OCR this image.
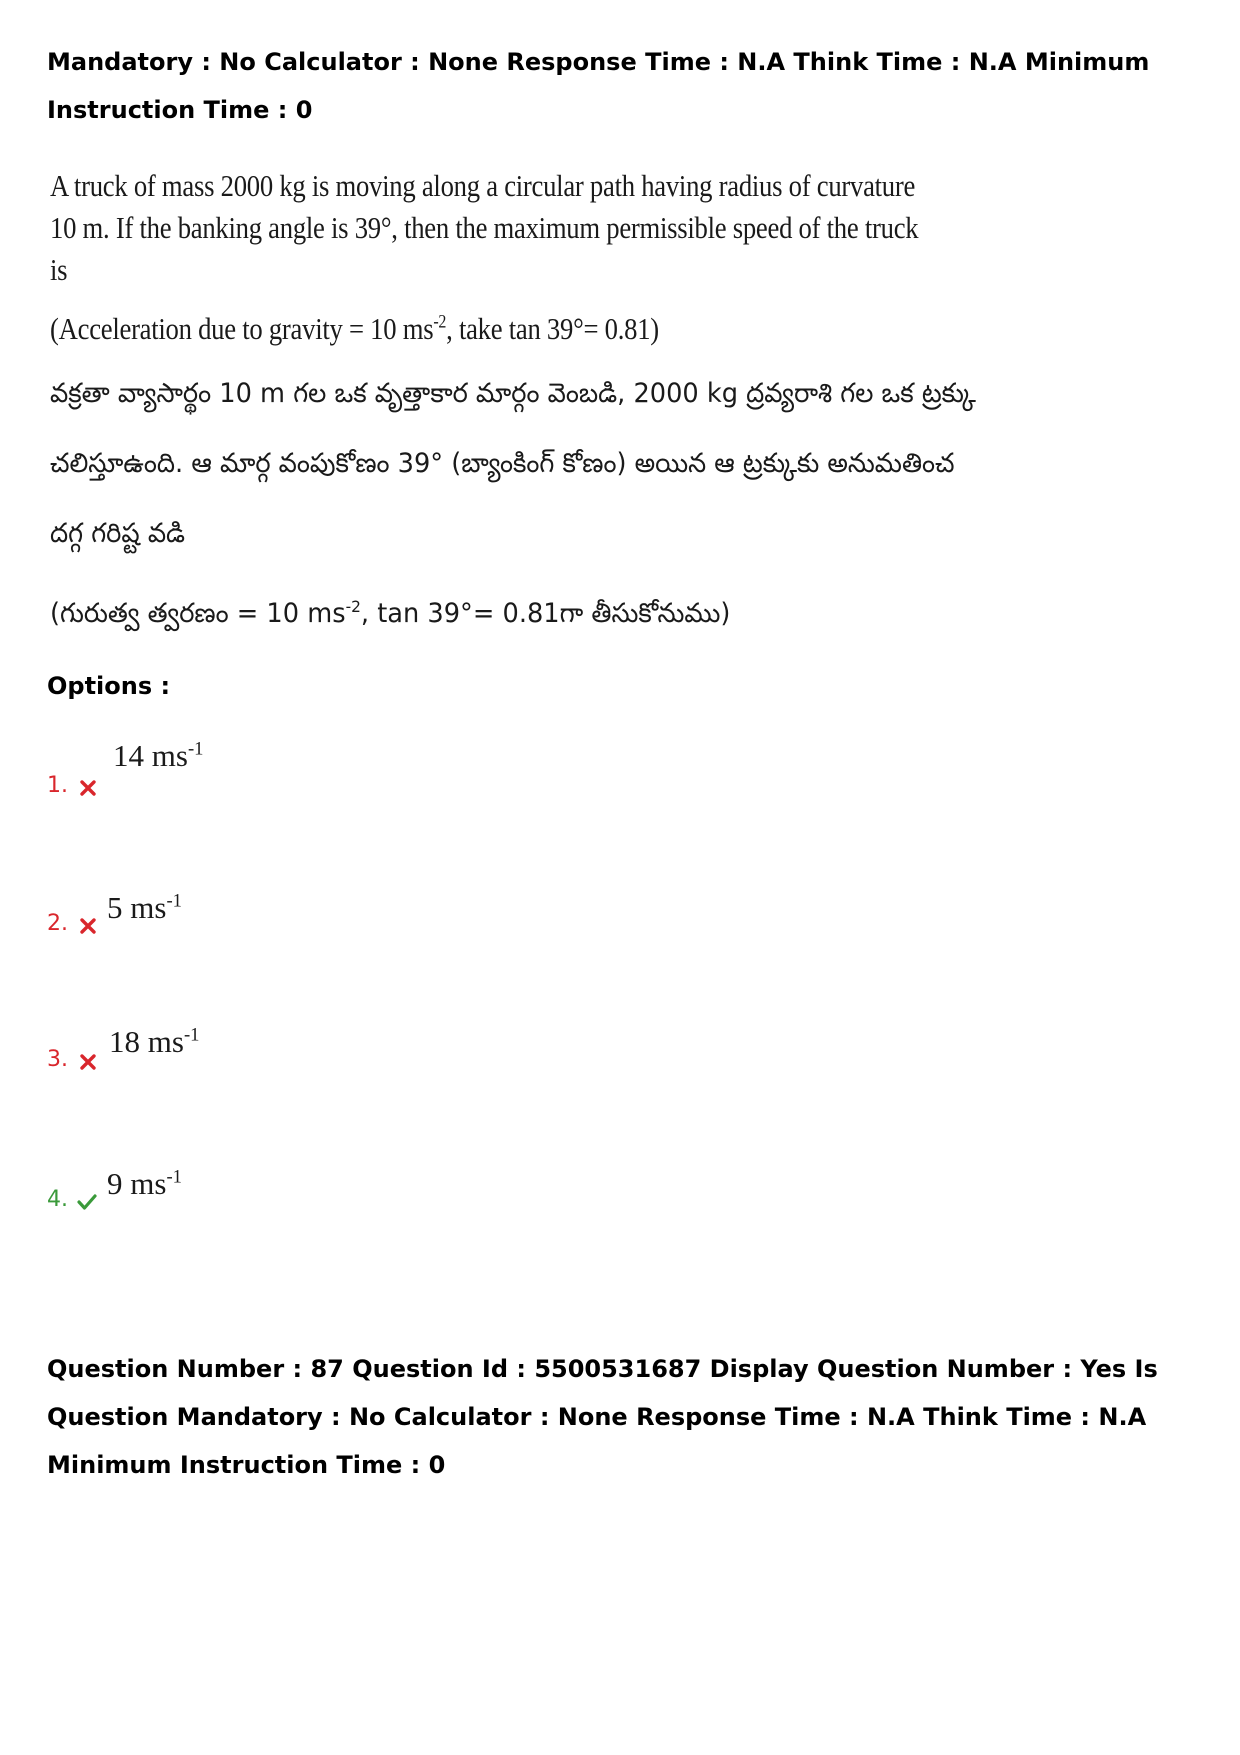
Mandatory : No Calculator : None Response Time : N.A Think Time : N.A Minimum Instruction Time : 0

A truck of mass 2000 kg is moving along a circular path having radius of curvature
10 m. If the banking angle is 39°, then the maximum permissible speed of the truck
is
(Acceleration due to gravity = 10 $ms^{-2}$, take tan 39°= 0.81)
వక్రతా వ్యాసార్థం 10 m గల ఒక వృత్తాకార మార్గం వెంబడి, 2000 kg ద్రవ్యరాశి గల ఒక ట్రక్కు
చలిస్తూఉంది. ఆ మార్గ వంపుకోణం 39° (బ్యాంకింగ్ కోణం) అయిన ఆ ట్రక్కుకు అనుమతించ
దగ్గ గరిష్ట వడి
(గురుత్వ త్వరణం = 10 $ms^{-2}$, tan 39°= 0.81గా తీసుకోనుము)
Options :
1.
14 $ms^{-1}$
2. 5 $ms^{-1}$
3.
18 $ms^{-1}$
4. 9 $ms^{-1}$

Question Number : 87 Question Id : 5500531687 Display Question Number : Yes Is Question Mandatory : No Calculator : None Response Time : N.A Think Time : N.A Minimum Instruction Time : 0
